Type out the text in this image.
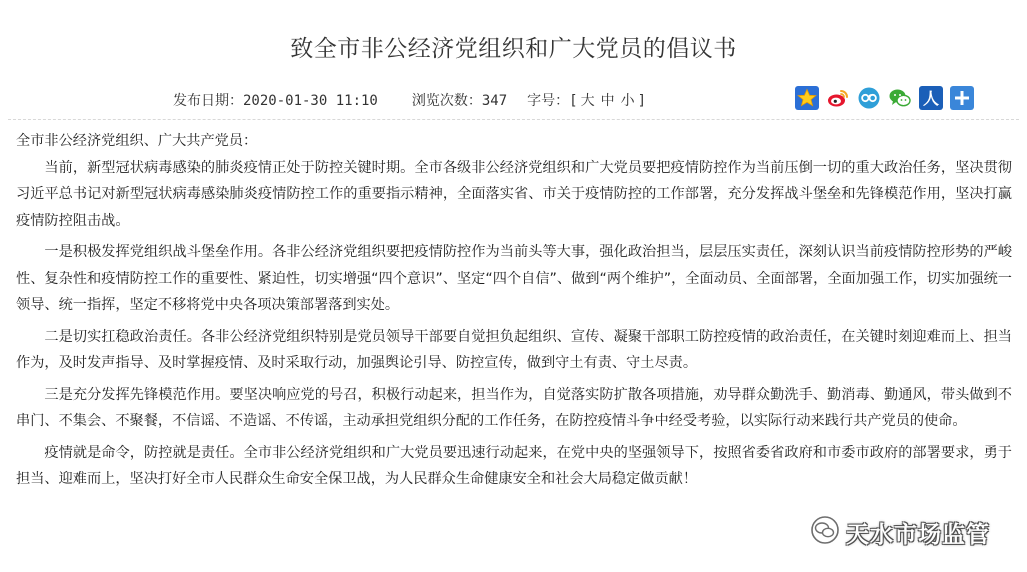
致全市非公经济党组织和广大党员的倡议书
发布日期：2020-01-30 11:10 浏览次数：347 字号：[ 大 中 小 ]	人

全市非公经济党组织、广大共产党员：

当前，新型冠状病毒感染的肺炎疫情正处于防控关键时期。全市各级非公经济党组织和广大党员要把疫情防控作为当前压倒一切的重大政治任务，坚决贯彻习近平总书记对新型冠状病毒感染肺炎疫情防控工作的重要指示精神，全面落实省、市关于疫情防控的工作部署，充分发挥战斗堡垒和先锋模范作用，坚决打赢疫情防控阻击战。

一是积极发挥党组织战斗堡垒作用。各非公经济党组织要把疫情防控作为当前头等大事，强化政治担当，层层压实责任，深刻认识当前疫情防控形势的严峻性、复杂性和疫情防控工作的重要性、紧迫性，切实增强“四个意识”、坚定“四个自信”、做到“两个维护”，全面动员、全面部署，全面加强工作，切实加强统一领导、统一指挥，坚定不移将党中央各项决策部署落到实处。

二是切实扛稳政治责任。各非公经济党组织特别是党员领导干部要自觉担负起组织、宣传、凝聚干部职工防控疫情的政治责任，在关键时刻迎难而上、担当作为，及时发声指导、及时掌握疫情、及时采取行动，加强舆论引导、防控宣传，做到守土有责、守土尽责。

三是充分发挥先锋模范作用。要坚决响应党的号召，积极行动起来，担当作为，自觉落实防扩散各项措施，劝导群众勤洗手、勤消毒、勤通风，带头做到不串门、不集会、不聚餐，不信谣、不造谣、不传谣，主动承担党组织分配的工作任务，在防控疫情斗争中经受考验，以实际行动来践行共产党员的使命。

疫情就是命令，防控就是责任。全市非公经济党组织和广大党员要迅速行动起来，在党中央的坚强领导下，按照省委省政府和市委市政府的部署要求，勇于担当、迎难而上，坚决打好全市人民群众生命安全保卫战，为人民群众生命健康安全和社会大局稳定做贡献！

天水市场监管
